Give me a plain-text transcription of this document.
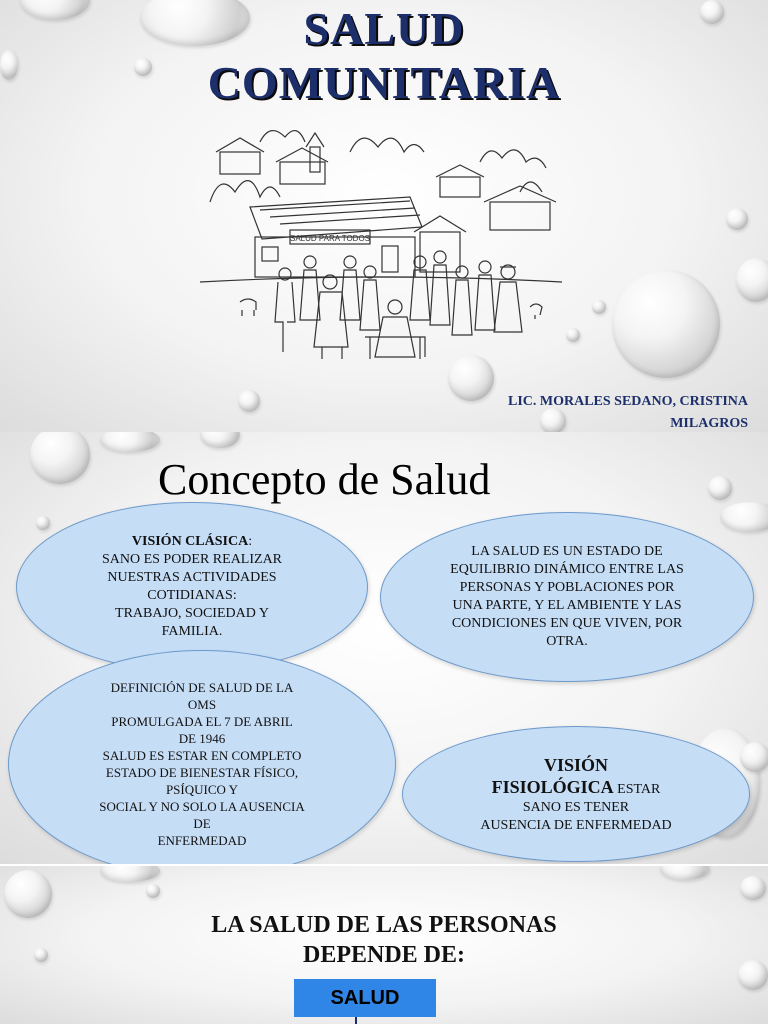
SALUD
COMUNITARIA
SALUD PARA TODOS
LIC. MORALES SEDANO, CRISTINA
MILAGROS
Concepto de Salud
VISIÓN CLÁSICA:
SANO ES PODER REALIZAR
NUESTRAS ACTIVIDADES
COTIDIANAS:
TRABAJO, SOCIEDAD Y
FAMILIA.
LA SALUD ES UN ESTADO DE
EQUILIBRIO DINÁMICO ENTRE LAS
PERSONAS Y POBLACIONES POR
UNA PARTE, Y EL AMBIENTE Y LAS
CONDICIONES EN QUE VIVEN, POR
OTRA.
DEFINICIÓN DE SALUD DE LA
OMS
PROMULGADA EL 7 DE ABRIL
DE 1946
SALUD ES ESTAR EN COMPLETO
ESTADO DE BIENESTAR FÍSICO,
PSÍQUICO Y
SOCIAL Y NO SOLO LA AUSENCIA
DE
ENFERMEDAD
VISIÓN
FISIOLÓGICA ESTAR
SANO ES TENER
AUSENCIA DE ENFERMEDAD
LA SALUD DE LAS PERSONAS
DEPENDE DE:
SALUD
